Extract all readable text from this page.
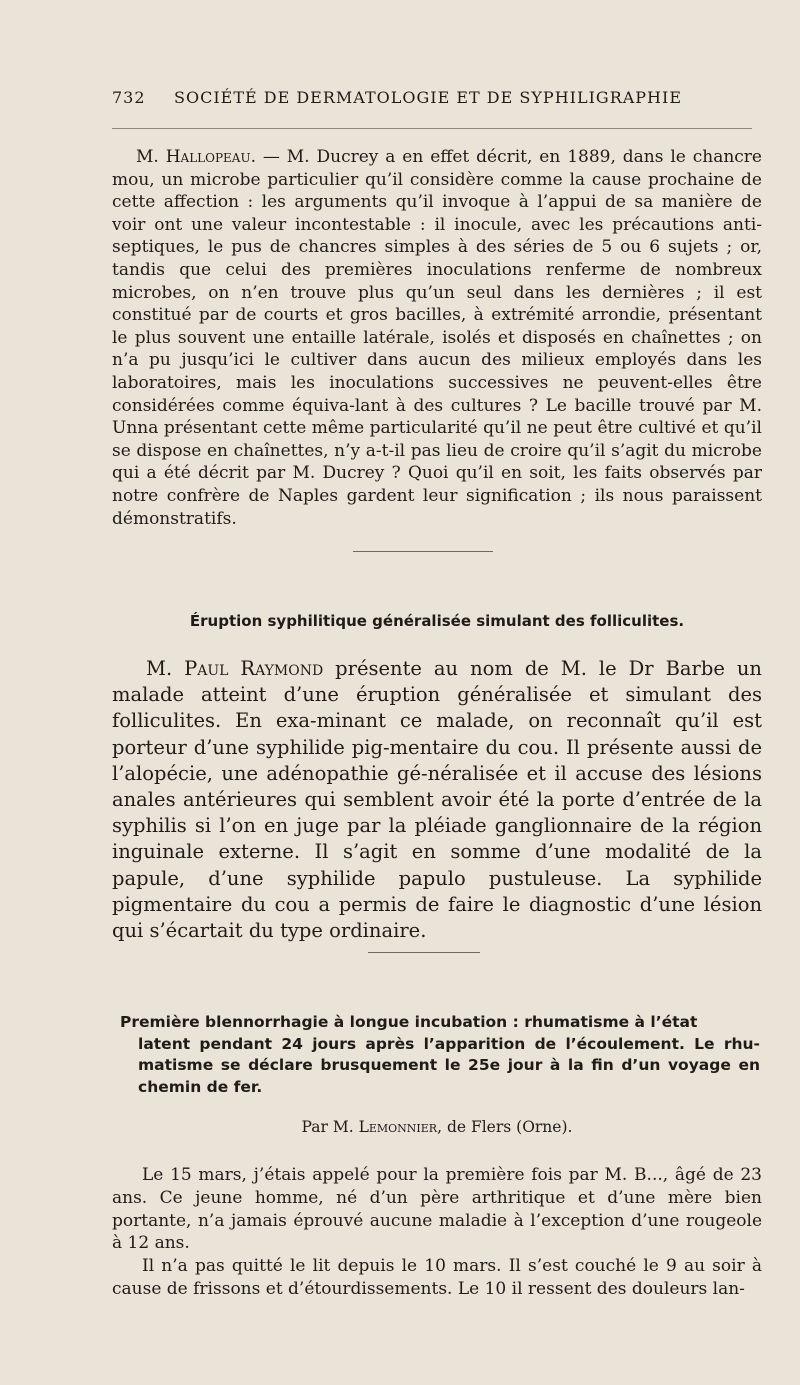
732 SOCIÉTÉ DE DERMATOLOGIE ET DE SYPHILIGRAPHIE
M. Hallopeau. — M. Ducrey a en effet décrit, en 1889, dans le chancre mou, un microbe particulier qu’il considère comme la cause prochaine de cette affection : les arguments qu’il invoque à l’appui de sa manière de voir ont une valeur incontestable : il inocule, avec les précautions anti-septiques, le pus de chancres simples à des séries de 5 ou 6 sujets ; or, tandis que celui des premières inoculations renferme de nombreux microbes, on n’en trouve plus qu’un seul dans les dernières ; il est constitué par de courts et gros bacilles, à extrémité arrondie, présentant le plus souvent une entaille latérale, isolés et disposés en chaînettes ; on n’a pu jusqu’ici le cultiver dans aucun des milieux employés dans les laboratoires, mais les inoculations successives ne peuvent-elles être considérées comme équiva-lant à des cultures ? Le bacille trouvé par M. Unna présentant cette même particularité qu’il ne peut être cultivé et qu’il se dispose en chaînettes, n’y a-t-il pas lieu de croire qu’il s’agit du microbe qui a été décrit par M. Ducrey ? Quoi qu’il en soit, les faits observés par notre confrère de Naples gardent leur signification ; ils nous paraissent démonstratifs.
Éruption syphilitique généralisée simulant des folliculites.
M. Paul Raymond présente au nom de M. le Dr Barbe un malade atteint d’une éruption généralisée et simulant des folliculites. En exa-minant ce malade, on reconnaît qu’il est porteur d’une syphilide pig-mentaire du cou. Il présente aussi de l’alopécie, une adénopathie gé-néralisée et il accuse des lésions anales antérieures qui semblent avoir été la porte d’entrée de la syphilis si l’on en juge par la pléiade ganglionnaire de la région inguinale externe. Il s’agit en somme d’une modalité de la papule, d’une syphilide papulo pustuleuse. La syphilide pigmentaire du cou a permis de faire le diagnostic d’une lésion qui s’écartait du type ordinaire.
Première blennorrhagie à longue incubation : rhumatisme à l’état
latent pendant 24 jours après l’apparition de l’écoulement. Le rhu-matisme se déclare brusquement le 25e jour à la fin d’un voyage en chemin de fer.
Par M. Lemonnier, de Flers (Orne).

Le 15 mars, j’étais appelé pour la première fois par M. B..., âgé de 23 ans. Ce jeune homme, né d’un père arthritique et d’une mère bien portante, n’a jamais éprouvé aucune maladie à l’exception d’une rougeole à 12 ans.

Il n’a pas quitté le lit depuis le 10 mars. Il s’est couché le 9 au soir à cause de frissons et d’étourdissements. Le 10 il ressent des douleurs lan-
